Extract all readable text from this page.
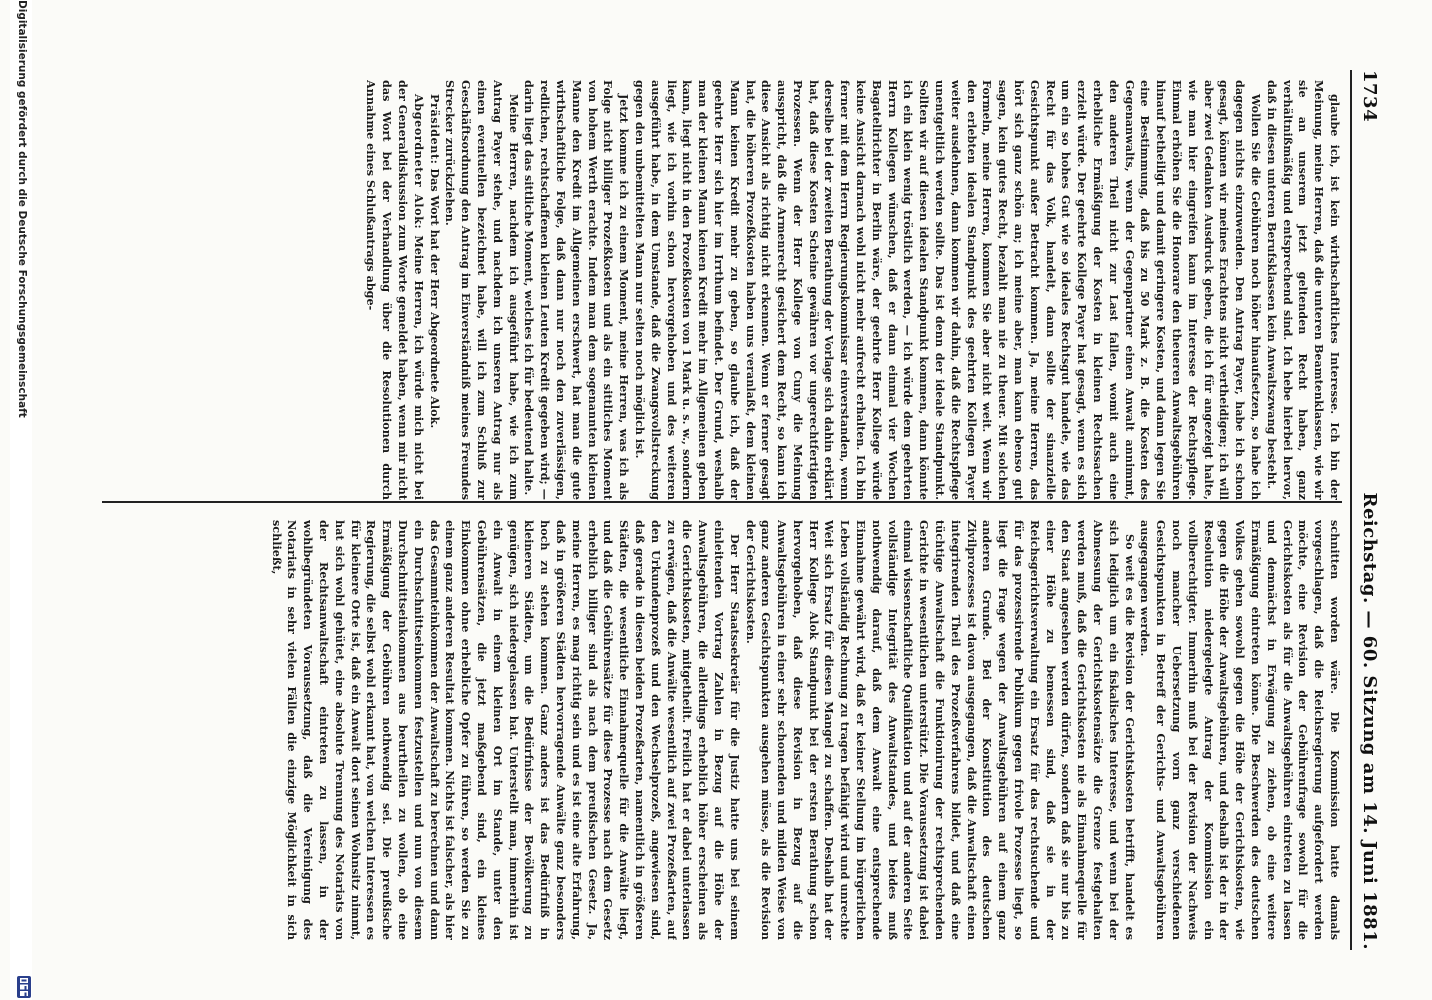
1734
Reichstag. — 60. Sitzung am 14. Juni 1881.

glaube ich, ist kein wirthschaftliches Interesse. Ich bin der Meinung, meine Herren, daß die unteren Beamtenklassen, wie wir sie an unserem jetzt geltenden Recht haben, ganz verhältnißmäßig und entsprechend sind. Ich hebe hierbei hervor, daß in diesen unteren Berufsklassen kein Anwaltszwang besteht.

Wollen Sie die Gebühren noch höher hinaufsetzen, so habe ich dagegen nichts einzuwenden. Den Antrag Payer, habe ich schon gesagt, können wir meines Erachtens nicht vertheidigen; ich will aber zwei Gedanken Ausdruck geben, die ich für angezeigt halte, wie man hier eingreifen kann im Interesse der Rechtspflege. Einmal erhöhen Sie die Honorare den theueren Anwaltsgebühren hinauf betheiligt und damit geringere Kosten, und dann legen Sie eine Bestimmung, daß bis zu 50 Mark z. B. die Kosten des Gegenanwalts, wenn der Gegenpartner einen Anwalt annimmt, den anderen Theil nicht zur Last fallen, womit auch eine erhebliche Ermäßigung der Kosten in kleinen Rechtssachen erzielt würde. Der geehrte Kollege Payer hat gesagt, wenn es sich um ein so hohes Gut wie so ideales Rechtsgut handele, wie das Recht für das Volk, handelt, dann sollte der sinanzielle Gesichtspunkt außer Betracht kommen. Ja, meine Herren, das hört sich ganz schön an; ich meine aber, man kann ebenso gut sagen, kein gutes Recht, bezahlt man nie zu theuer. Mit solchen Formeln, meine Herren, kommen Sie aber nicht weit. Wenn wir den erlebten idealen Standpunkt des geehrten Kollegen Payer weiter ausdehnen, dann kommen wir dahin, daß die Rechtspflege unentgeltlich werden sollte. Das ist denn der ideale Standpunkt. Sollten wir auf diesen idealen Standpunkt kommen, dann könnte ich ein klein wenig tröstlich werden, — ich würde dem geehrten Herrn Kollegen wünschen, daß er dann einmal vier Wochen Bagatellrichter in Berlin wäre, der geehrte Herr Kollege würde keine Ansicht darnach wohl nicht mehr aufrecht erhalten. Ich bin ferner mit dem Herrn Regierungskommissar einverstanden, wenn derselbe bei der zweiten Berathung der Vorlage sich dahin erklärt hat, daß diese Kosten Scheine gewähren vor ungerechtfertigten Prozessen. Wenn der Herr Kollege von Cuny die Meinung ausspricht, daß die Armenrecht gesichert dem Recht, so kann ich diese Ansicht als richtig nicht erkennen. Wenn er ferner gesagt hat, die höheren Prozeßkosten haben uns veranlaßt, dem kleinen Mann keinen Kredit mehr zu geben, so glaube ich, daß der geehrte Herr sich hier im Irrthum befindet. Der Grund, weshalb man der kleinen Mann keinen Kredit mehr im Allgemeinen geben kann, liegt nicht in den Prozeßkosten von 1 Mark u. s. w., sondern liegt, wie ich vorhin schon hervorgehoben und des weiteren ausgeführt habe, in dem Umstande, daß die Zwangsvollstreckung gegen den unbemittelten Mann nur selten noch möglich ist.

Jetzt komme ich zu einem Moment, meine Herren, was ich als Folge nicht billiger Prozeßkosten und als ein sittliches Moment von hohem Werth erachte. Indem man dem sogenannten kleinen Manne den Kredit im Allgemeinen erschwert, hat man die gute wirthschaftliche Folge, daß dann nur noch den zuverlässigen, redlichen, rechtschaffenen kleinen Leuten Kredit gegeben wird; — darin liegt das sittliche Moment, welches ich für bedeutend halte.

Meine Herren, nachdem ich ausgeführt habe, wie ich zum Antrag Payer stehe, und nachdem ich unseren Antrag nur als einen eventuellen bezeichnet habe, will ich zum Schluß zur Geschäftsordnung den Antrag im Einverständniß meines Freundes Strecker zurückziehen.

Präsident: Das Wort hat der Herr Abgeordnete Alok.

Abgeordneter Alok: Meine Herren, ich würde mich nicht bei der Generaldiskussion zum Worte gemeldet haben, wenn mir nicht das Wort bei der Verhandlung über die Resolutionen durch Annahme eines Schlußantrags abge-

schnitten worden wäre. Die Kommission hatte damals vorgeschlagen, daß die Reichsregierung aufgefordert werden möchte, eine Revision der Gebührenfrage sowohl für die Gerichtskosten als für die Anwaltsgebühren eintreten zu lassen und demnächst in Erwägung zu ziehen, ob eine weitere Ermäßigung eintreten könne. Die Beschwerden des deutschen Volkes gehen sowohl gegen die Höhe der Gerichtskosten, wie gegen die Höhe der Anwaltsgebühren, und deshalb ist der in der Resolution niedergelegte Antrag der Kommission ein vollberechtigter. Immerhin muß bei der Revision der Nachweis noch mancher Uebersetzung vorn ganz verschiedenen Gesichtspunkten in Betreff der Gerichts- und Anwaltsgebühren ausgegangen werden.

So weit es die Revision der Gerichtskosten betrifft, handelt es sich lediglich um ein fiskalisches Interesse, und wenn bei der Abmessung der Gerichtskostensätze die Grenze festgehalten werden muß, daß die Gerichtskosten nie als Einnahmequelle für den Staat angesehen werden dürfen, sondern daß sie nur bis zu einer Höhe zu bemessen sind, daß sie in der Reichsgerichtsverwaltung ein Ersatz für das rechtsuchende und für das prozessirende Publikum gegen frivole Prozesse liegt, so liegt die Frage wegen der Anwaltsgebühren auf einem ganz anderen Grunde. Bei der Konstitution des deutschen Zivilprozesses ist davon ausgegangen, daß die Anwaltschaft einen integrirenden Theil des Prozeßverfahrens bildet, und daß eine tüchtige Anwaltschaft die Funktionirung der rechtsprechenden Gerichte in wesentlichen unterstützt. Die Voraussetzung ist dabei einmal wissenschaftliche Qualifikation und auf der anderen Seite vollständige Integrität des Anwaltstandes, und beides muß nothwendig darauf, daß dem Anwalt eine entsprechende Einnahme gewährt wird, daß er keiner Stellung im bürgerlichen Leben vollständig Rechnung zu tragen befähigt wird und unrechte Weit sich Ersatz für diesen Mangel zu schaffen. Deshalb hat der Herr Kollege Alok Standpunkt bei der ersten Berathung schon hervorgehoben, daß diese Revision in Bezug auf die Anwaltsgebühren in einer sehr schonenden und milden Weise von ganz anderen Gesichtspunkten ausgehen müsse, als die Revision der Gerichtskosten.

Der Herr Staatssekretär für die Justiz hatte uns bei seinem einleitenden Vortrag Zahlen in Bezug auf die Höhe der Anwaltsgebühren, die allerdings erheblich höher erscheinen als die Gerichtskosten, mitgetheilt. Freilich hat er dabei unterlassen zu erwägen, daß die Anwälte wesentlich auf zwei Prozeßarten, auf den Urkundenprozeß und den Wechselprozeß, angewiesen sind, daß gerade in diesen beiden Prozeßarten, namentlich in größeren Städten, die wesentliche Einnahmequelle für die Anwälte liegt, und daß die Gebührensätze für diese Prozesse nach dem Gesetz erheblich billiger sind als nach dem preußischen Gesetz. Ja, meine Herren, es mag richtig sein und es ist eine alte Erfahrung, daß in größeren Städten hervorragende Anwälte ganz besonders hoch zu stehen kommen. Ganz anders ist das Bedürfniß in kleineren Städten, um die Bedürfnisse der Bevölkerung zu genügen, sich niedergelassen hat. Unterstellt man, immerhin ist ein Anwalt in einem kleinen Ort im Stande, unter den Gebührensätzen, die jetzt maßgebend sind, ein kleines Einkommen ohne erhebliche Opfer zu führen, so werden Sie zu einem ganz anderen Resultat kommen. Nichts ist falscher, als hier das Gesammteinkommen der Anwaltschaft zu berechnen und dann ein Durchschnittseinkommen festzustellen und nun von diesem Durchschnittseinkommen aus beurtheilen zu wollen, ob eine Ermäßigung der Gebühren nothwendig sei. Die preußische Regierung, die selbst wohl erkannt hat, von welchen Interessen es für kleinere Orte ist, daß ein Anwalt dort seinen Wohnsitz nimmt, hat sich wohl gehütet, eine absolute Trennung des Notariats von der Rechtsanwaltschaft eintreten zu lassen, in der wohlbegründeten Voraussetzung, daß die Vereinigung des Notariats in sehr vielen Fällen die einzige Möglichkeit in sich schließt,

Digitalisierung gefördert durch die Deutsche Forschungsgemeinschaft
